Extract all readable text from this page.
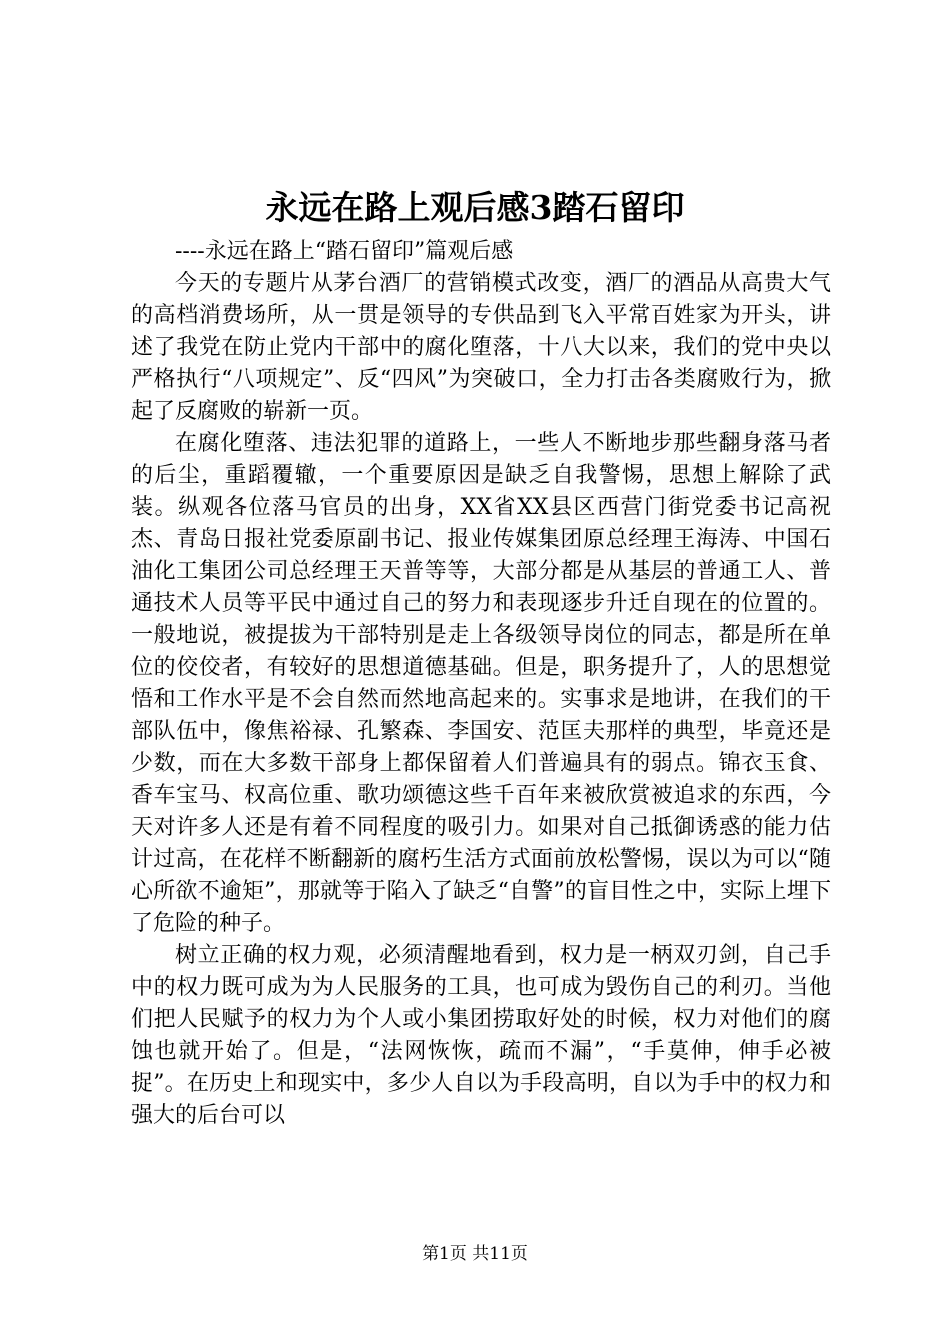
永远在路上观后感3踏石留印
----永远在路上“踏石留印”篇观后感

今天的专题片从茅台酒厂的营销模式改变，酒厂的酒品从高贵大气的高档消费场所，从一贯是领导的专供品到飞入平常百姓家为开头，讲述了我党在防止党内干部中的腐化堕落，十八大以来，我们的党中央以严格执行“八项规定”、反“四风”为突破口，全力打击各类腐败行为，掀起了反腐败的崭新一页。

在腐化堕落、违法犯罪的道路上，一些人不断地步那些翻身落马者的后尘，重蹈覆辙，一个重要原因是缺乏自我警惕，思想上解除了武装。纵观各位落马官员的出身，XX省XX县区西营门街党委书记高祝杰、青岛日报社党委原副书记、报业传媒集团原总经理王海涛、中国石油化工集团公司总经理王天普等等，大部分都是从基层的普通工人、普通技术人员等平民中通过自己的努力和表现逐步升迁自现在的位置的。一般地说，被提拔为干部特别是走上各级领导岗位的同志，都是所在单位的佼佼者，有较好的思想道德基础。但是，职务提升了，人的思想觉悟和工作水平是不会自然而然地高起来的。实事求是地讲，在我们的干部队伍中，像焦裕禄、孔繁森、李国安、范匡夫那样的典型，毕竟还是少数，而在大多数干部身上都保留着人们普遍具有的弱点。锦衣玉食、香车宝马、权高位重、歌功颂德这些千百年来被欣赏被追求的东西，今天对许多人还是有着不同程度的吸引力。如果对自己抵御诱惑的能力估计过高，在花样不断翻新的腐朽生活方式面前放松警惕，误以为可以“随心所欲不逾矩”，那就等于陷入了缺乏“自警”的盲目性之中，实际上埋下了危险的种子。

树立正确的权力观，必须清醒地看到，权力是一柄双刃剑，自己手中的权力既可成为为人民服务的工具，也可成为毁伤自己的利刃。当他们把人民赋予的权力为个人或小集团捞取好处的时候，权力对他们的腐蚀也就开始了。但是，“法网恢恢，疏而不漏”，“手莫伸，伸手必被捉”。在历史上和现实中，多少人自以为手段高明，自以为手中的权力和强大的后台可以

第1页 共11页
